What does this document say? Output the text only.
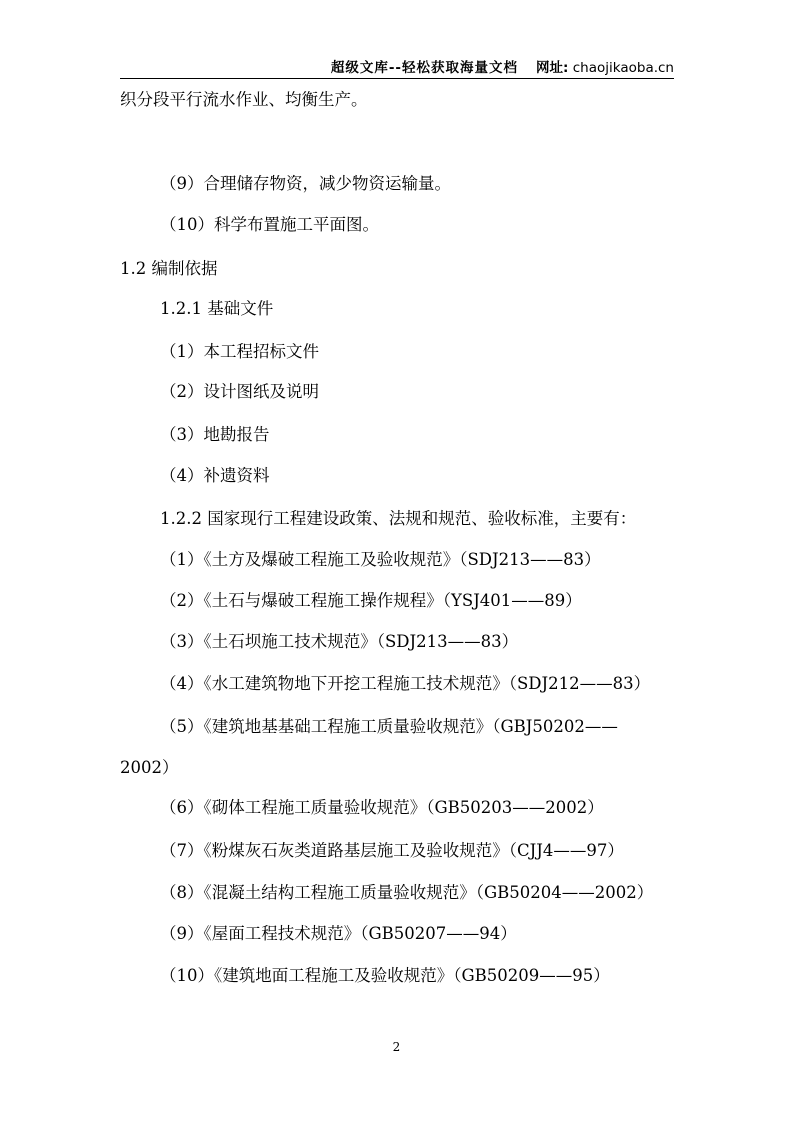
超级文库--轻松获取海量文档 网址: chaojikaoba.cn
织分段平行流水作业、均衡生产。
（9）合理储存物资，减少物资运输量。
（10）科学布置施工平面图。
1.2 编制依据
1.2.1 基础文件
（1）本工程招标文件
（2）设计图纸及说明
（3）地勘报告
（4）补遗资料
1.2.2 国家现行工程建设政策、法规和规范、验收标准，主要有：
（1）《土方及爆破工程施工及验收规范》（SDJ213——83）
（2）《土石与爆破工程施工操作规程》（YSJ401——89）
（3）《土石坝施工技术规范》（SDJ213——83）
（4）《水工建筑物地下开挖工程施工技术规范》（SDJ212——83）
（5）《建筑地基基础工程施工质量验收规范》（GBJ50202——
2002）
（6）《砌体工程施工质量验收规范》（GB50203——2002）
（7）《粉煤灰石灰类道路基层施工及验收规范》（CJJ4——97）
（8）《混凝土结构工程施工质量验收规范》（GB50204——2002）
（9）《屋面工程技术规范》（GB50207——94）
（10）《建筑地面工程施工及验收规范》（GB50209——95）
2
